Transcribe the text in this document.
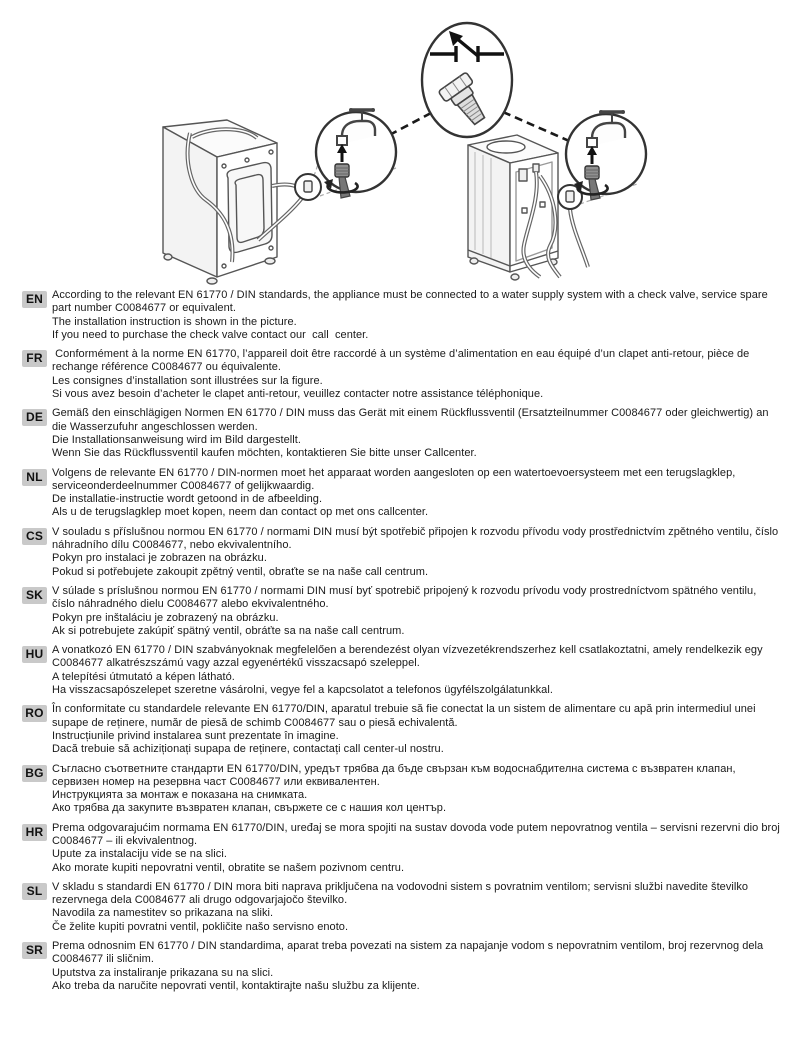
EN According to the relevant EN 61770 / DIN standards, the appliance must be connected to a water supply system with a check valve, service spare part number C0084677 or equivalent.
The installation instruction is shown in the picture.
If you need to purchase the check valve contact our  call  center.
FR Conformément à la norme EN 61770, l’appareil doit être raccordé à un système d’alimentation en eau équipé d’un clapet anti-retour, pièce de rechange référence C0084677 ou équivalente.
Les consignes d’installation sont illustrées sur la figure.
Si vous avez besoin d’acheter le clapet anti-retour, veuillez contacter notre assistance téléphonique.
DE Gemäß den einschlägigen Normen EN 61770 / DIN muss das Gerät mit einem Rückflussventil (Ersatzteilnummer C0084677 oder gleichwertig) an die Wasserzufuhr angeschlossen werden.
Die Installationsanweisung wird im Bild dargestellt.
Wenn Sie das Rückflussventil kaufen möchten, kontaktieren Sie bitte unser Callcenter.
NL Volgens de relevante EN 61770 / DIN-normen moet het apparaat worden aangesloten op een watertoevoersysteem met een terugslagklep, serviceonderdeelnummer C0084677 of gelijkwaardig.
De installatie-instructie wordt getoond in de afbeelding.
Als u de terugslagklep moet kopen, neem dan contact op met ons callcenter.
CS V souladu s příslušnou normou EN 61770 / normami DIN musí být spotřebič připojen k rozvodu přívodu vody prostřednictvím zpětného ventilu, číslo náhradního dílu C0084677, nebo ekvivalentního.
Pokyn pro instalaci je zobrazen na obrázku.
Pokud si potřebujete zakoupit zpětný ventil, obraťte se na naše call centrum.
SK V súlade s príslušnou normou EN 61770 / normami DIN musí byť spotrebič pripojený k rozvodu prívodu vody prostredníctvom spätného ventilu, číslo náhradného dielu C0084677 alebo ekvivalentného.
Pokyn pre inštaláciu je zobrazený na obrázku.
Ak si potrebujete zakúpiť spätný ventil, obráťte sa na naše call centrum.
HU A vonatkozó EN 61770 / DIN szabványoknak megfelelően a berendezést olyan vízvezetékrendszerhez kell csatlakoztatni, amely rendelkezik egy C0084677 alkatrészszámú vagy azzal egyenértékű visszacsapó szeleppel.
A telepítési útmutató a képen látható.
Ha visszacsapószelepet szeretne vásárolni, vegye fel a kapcsolatot a telefonos ügyfélszolgálatunkkal.
RO În conformitate cu standardele relevante EN 61770/DIN, aparatul trebuie să fie conectat la un sistem de alimentare cu apă prin intermediul unei supape de reținere, număr de piesă de schimb C0084677 sau o piesă echivalentă.
Instrucțiunile privind instalarea sunt prezentate în imagine.
Dacă trebuie să achiziționați supapa de reținere, contactați call center-ul nostru.
BG Съгласно съответните стандарти EN 61770/DIN, уредът трябва да бъде свързан към водоснабдителна система с възвратен клапан, сервизен номер на резервна част C0084677 или еквивалентен.
Инструкцията за монтаж е показана на снимката.
Ако трябва да закупите възвратен клапан, свържете се с нашия кол център.
HR Prema odgovarajućim normama EN 61770/DIN, uređaj se mora spojiti na sustav dovoda vode putem nepovratnog ventila – servisni rezervni dio broj C0084677 – ili ekvivalentnog.
Upute za instalaciju vide se na slici.
Ako morate kupiti nepovratni ventil, obratite se našem pozivnom centru.
SL V skladu s standardi EN 61770 / DIN mora biti naprava priključena na vodovodni sistem s povratnim ventilom; servisni službi navedite številko rezervnega dela C0084677 ali drugo odgovarjajočo številko.
Navodila za namestitev so prikazana na sliki.
Če želite kupiti povratni ventil, pokličite našo servisno enoto.
SR Prema odnosnim EN 61770 / DIN standardima, aparat treba povezati na sistem za napajanje vodom s nepovratnim ventilom, broj rezervnog dela C0084677 ili sličnim.
Uputstva za instaliranje prikazana su na slici.
Ako treba da naručite nepovrati ventil, kontaktirajte našu službu za klijente.
